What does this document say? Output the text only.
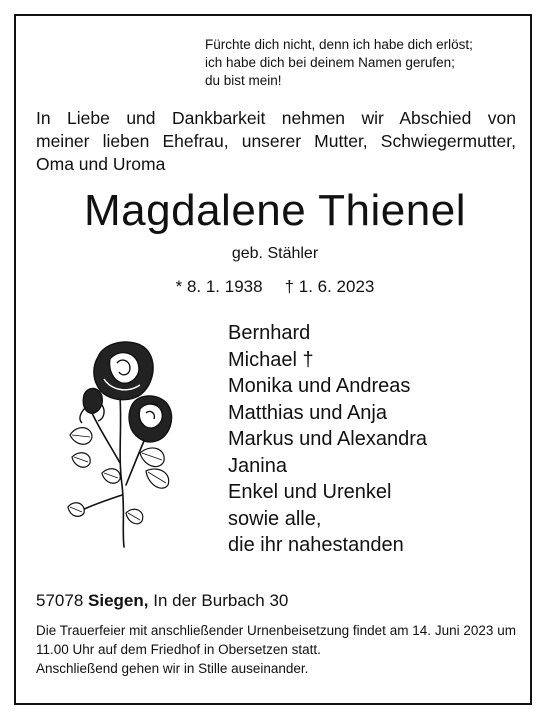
Fürchte dich nicht, denn ich habe dich erlöst;
ich habe dich bei deinem Namen gerufen;
du bist mein!
In Liebe und Dankbarkeit nehmen wir Abschied von
meiner lieben Ehefrau, unserer Mutter, Schwiegermutter,
Oma und Uroma
Magdalene Thienel
geb. Stähler
* 8. 1. 1938 † 1. 6. 2023
Bernhard
Michael †
Monika und Andreas
Matthias und Anja
Markus und Alexandra
Janina
Enkel und Urenkel
sowie alle,
die ihr nahestanden
57078 Siegen, In der Burbach 30
Die Trauerfeier mit anschließender Urnenbeisetzung findet am 14. Juni 2023 um 11.00 Uhr auf dem Friedhof in Obersetzen statt.
Anschließend gehen wir in Stille auseinander.
